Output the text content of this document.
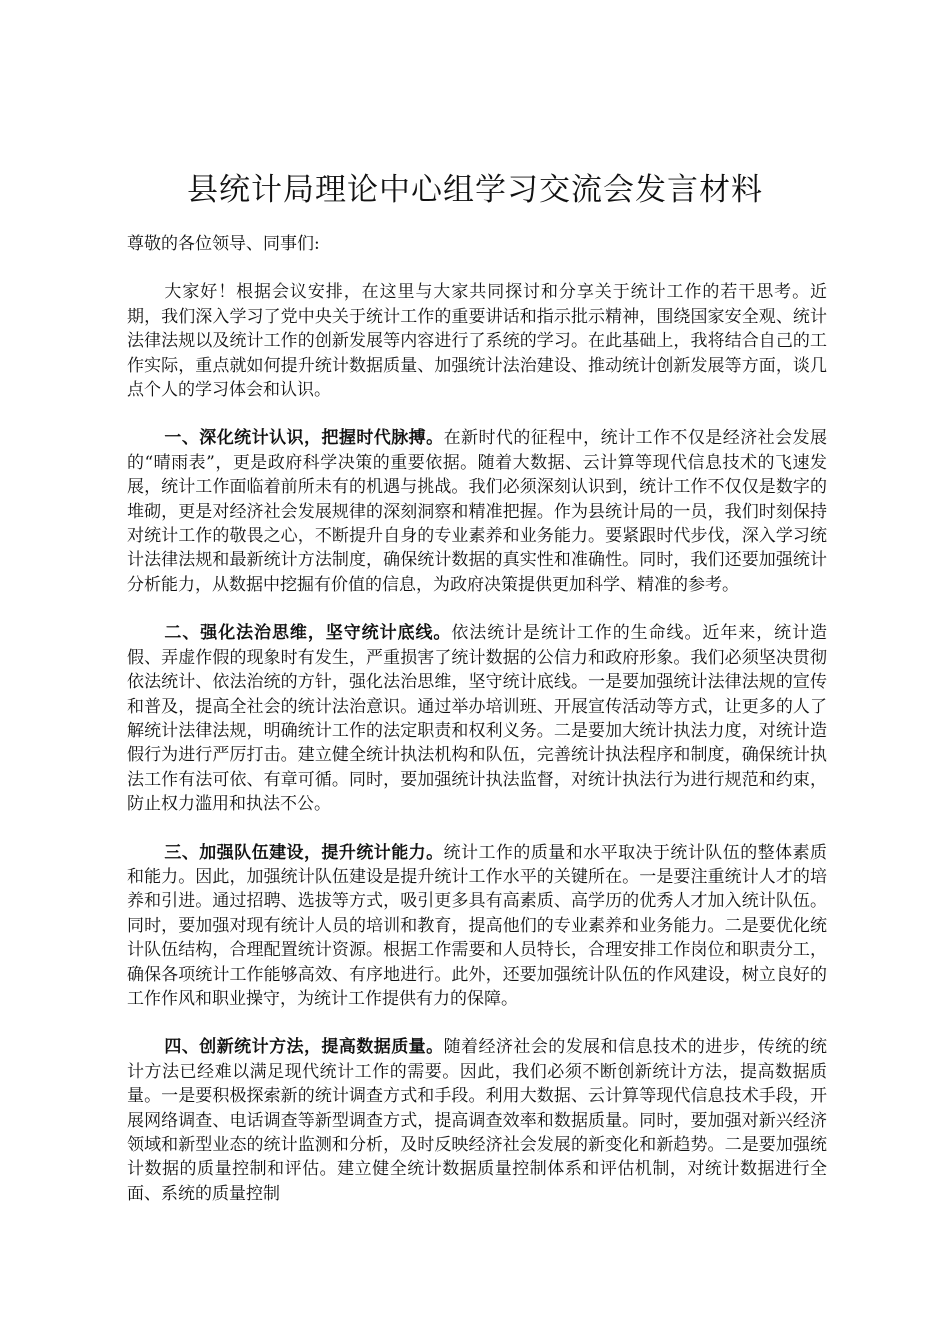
县统计局理论中心组学习交流会发言材料

尊敬的各位领导、同事们:

大家好！根据会议安排，在这里与大家共同探讨和分享关于统计工作的若干思考。近期，我们深入学习了党中央关于统计工作的重要讲话和指示批示精神，围绕国家安全观、统计法律法规以及统计工作的创新发展等内容进行了系统的学习。在此基础上，我将结合自己的工作实际，重点就如何提升统计数据质量、加强统计法治建设、推动统计创新发展等方面，谈几点个人的学习体会和认识。

一、深化统计认识，把握时代脉搏。在新时代的征程中，统计工作不仅是经济社会发展的“晴雨表”，更是政府科学决策的重要依据。随着大数据、云计算等现代信息技术的飞速发展，统计工作面临着前所未有的机遇与挑战。我们必须深刻认识到，统计工作不仅仅是数字的堆砌，更是对经济社会发展规律的深刻洞察和精准把握。作为县统计局的一员，我们时刻保持对统计工作的敬畏之心，不断提升自身的专业素养和业务能力。要紧跟时代步伐，深入学习统计法律法规和最新统计方法制度，确保统计数据的真实性和准确性。同时，我们还要加强统计分析能力，从数据中挖掘有价值的信息，为政府决策提供更加科学、精准的参考。

二、强化法治思维，坚守统计底线。依法统计是统计工作的生命线。近年来，统计造假、弄虚作假的现象时有发生，严重损害了统计数据的公信力和政府形象。我们必须坚决贯彻依法统计、依法治统的方针，强化法治思维，坚守统计底线。一是要加强统计法律法规的宣传和普及，提高全社会的统计法治意识。通过举办培训班、开展宣传活动等方式，让更多的人了解统计法律法规，明确统计工作的法定职责和权利义务。二是要加大统计执法力度，对统计造假行为进行严厉打击。建立健全统计执法机构和队伍，完善统计执法程序和制度，确保统计执法工作有法可依、有章可循。同时，要加强统计执法监督，对统计执法行为进行规范和约束，防止权力滥用和执法不公。

三、加强队伍建设，提升统计能力。统计工作的质量和水平取决于统计队伍的整体素质和能力。因此，加强统计队伍建设是提升统计工作水平的关键所在。一是要注重统计人才的培养和引进。通过招聘、选拔等方式，吸引更多具有高素质、高学历的优秀人才加入统计队伍。同时，要加强对现有统计人员的培训和教育，提高他们的专业素养和业务能力。二是要优化统计队伍结构，合理配置统计资源。根据工作需要和人员特长，合理安排工作岗位和职责分工，确保各项统计工作能够高效、有序地进行。此外，还要加强统计队伍的作风建设，树立良好的工作作风和职业操守，为统计工作提供有力的保障。

四、创新统计方法，提高数据质量。随着经济社会的发展和信息技术的进步，传统的统计方法已经难以满足现代统计工作的需要。因此，我们必须不断创新统计方法，提高数据质量。一是要积极探索新的统计调查方式和手段。利用大数据、云计算等现代信息技术手段，开展网络调查、电话调查等新型调查方式，提高调查效率和数据质量。同时，要加强对新兴经济领域和新型业态的统计监测和分析，及时反映经济社会发展的新变化和新趋势。二是要加强统计数据的质量控制和评估。建立健全统计数据质量控制体系和评估机制，对统计数据进行全面、系统的质量控制
